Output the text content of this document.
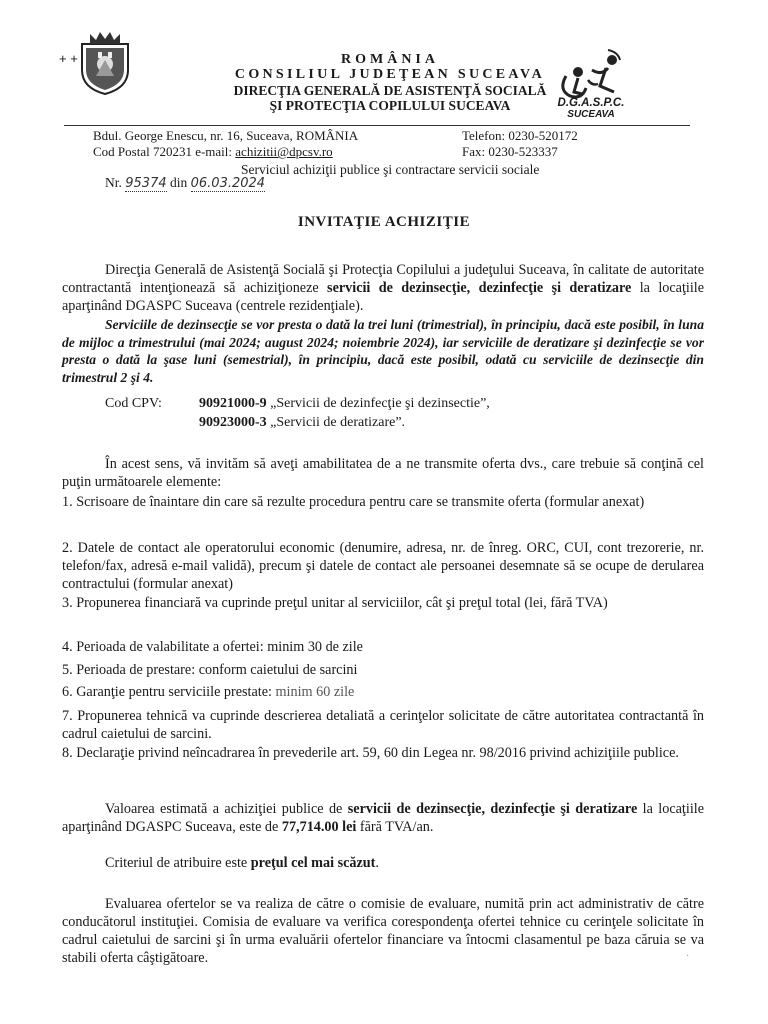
+ +	ROMÂNIA
CONSILIUL JUDEŢEAN SUCEAVA
DIRECŢIA GENERALĂ DE ASISTENŢĂ SOCIALĂ
ŞI PROTECŢIA COPILULUI SUCEAVA	D.G.A.S.P.C.
SUCEAVA
Bdul. George Enescu, nr. 16, Suceava, ROMÂNIA
Cod Postal 720231 e-mail: achizitii@dpcsv.ro
Telefon: 0230-520172
Fax: 0230-523337
Serviciul achiziţii publice şi contractare servicii sociale
Nr. 95374 din 06.03.2024
INVITAŢIE ACHIZIŢIE
Direcţia Generală de Asistenţă Socială şi Protecţia Copilului a judeţului Suceava, în calitate de autoritate contractantă intenţionează să achiziţioneze servicii de dezinsecţie, dezinfecţie şi deratizare la locaţiile aparţinând DGASPC Suceava (centrele rezidenţiale).
Serviciile de dezinsecţie se vor presta o dată la trei luni (trimestrial), în principiu, dacă este posibil, în luna de mijloc a trimestrului (mai 2024; august 2024; noiembrie 2024), iar serviciile de deratizare şi dezinfecţie se vor presta o dată la şase luni (semestrial), în principiu, dacă este posibil, odată cu serviciile de dezinsecţie din trimestrul 2 şi 4.
Cod CPV:	90921000-9 „Servicii de dezinfecţie şi dezinsectie”,
90923000-3 „Servicii de deratizare”.
În acest sens, vă invităm să aveţi amabilitatea de a ne transmite oferta dvs., care trebuie să conţină cel puţin următoarele elemente:
1. Scrisoare de înaintare din care să rezulte procedura pentru care se transmite oferta (formular anexat)
2. Datele de contact ale operatorului economic (denumire, adresa, nr. de înreg. ORC, CUI, cont trezorerie, nr. telefon/fax, adresă e-mail validă), precum şi datele de contact ale persoanei desemnate să se ocupe de derularea contractului (formular anexat)
3. Propunerea financiară va cuprinde preţul unitar al serviciilor, cât şi preţul total (lei, fără TVA)
4. Perioada de valabilitate a ofertei: minim 30 de zile
5. Perioada de prestare: conform caietului de sarcini
6. Garanţie pentru serviciile prestate: minim 60 zile
7. Propunerea tehnică va cuprinde descrierea detaliată a cerinţelor solicitate de către autoritatea contractantă în cadrul caietului de sarcini.
8. Declaraţie privind neîncadrarea în prevederile art. 59, 60 din Legea nr. 98/2016 privind achiziţiile publice.
Valoarea estimată a achiziţiei publice de servicii de dezinsecţie, dezinfecţie şi deratizare la locaţiile aparţinând DGASPC Suceava, este de 77,714.00 lei fără TVA/an.
Criteriul de atribuire este preţul cel mai scăzut.
Evaluarea ofertelor se va realiza de către o comisie de evaluare, numită prin act administrativ de către conducătorul instituţiei. Comisia de evaluare va verifica corespondenţa ofertei tehnice cu cerinţele solicitate în cadrul caietului de sarcini şi în urma evaluării ofertelor financiare va întocmi clasamentul pe baza căruia se va stabili oferta câştigătoare.	·
